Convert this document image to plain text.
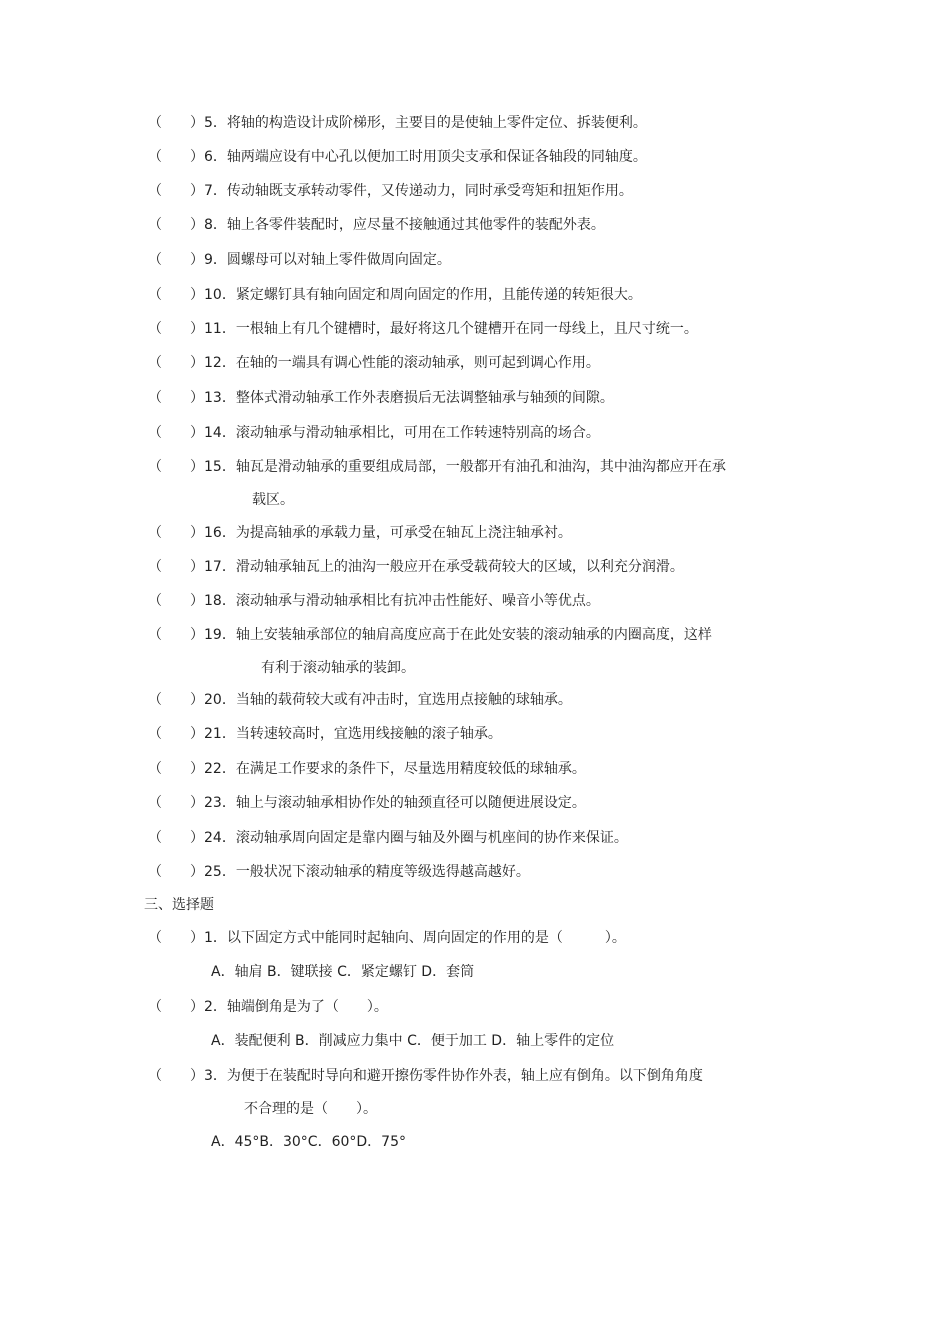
（　　）5．将轴的构造设计成阶梯形，主要目的是使轴上零件定位、拆装便利。
（　　）6．轴两端应设有中心孔以便加工时用顶尖支承和保证各轴段的同轴度。
（　　）7．传动轴既支承转动零件，又传递动力，同时承受弯矩和扭矩作用。
（　　）8．轴上各零件装配时，应尽量不接触通过其他零件的装配外表。
（　　）9．圆螺母可以对轴上零件做周向固定。
（　　）10．紧定螺钉具有轴向固定和周向固定的作用，且能传递的转矩很大。
（　　）11．一根轴上有几个键槽时，最好将这几个键槽开在同一母线上，且尺寸统一。
（　　）12．在轴的一端具有调心性能的滚动轴承，则可起到调心作用。
（　　）13．整体式滑动轴承工作外表磨损后无法调整轴承与轴颈的间隙。
（　　）14．滚动轴承与滑动轴承相比，可用在工作转速特别高的场合。
（　　）15．轴瓦是滑动轴承的重要组成局部，一般都开有油孔和油沟，其中油沟都应开在承
载区。
（　　）16．为提高轴承的承载力量，可承受在轴瓦上浇注轴承衬。
（　　）17．滑动轴承轴瓦上的油沟一般应开在承受载荷较大的区域，以利充分润滑。
（　　）18．滚动轴承与滑动轴承相比有抗冲击性能好、噪音小等优点。
（　　）19．轴上安装轴承部位的轴肩高度应高于在此处安装的滚动轴承的内圈高度，这样
有利于滚动轴承的装卸。
（　　）20．当轴的载荷较大或有冲击时，宜选用点接触的球轴承。
（　　）21．当转速较高时，宜选用线接触的滚子轴承。
（　　）22．在满足工作要求的条件下，尽量选用精度较低的球轴承。
（　　）23．轴上与滚动轴承相协作处的轴颈直径可以随便进展设定。
（　　）24．滚动轴承周向固定是靠内圈与轴及外圈与机座间的协作来保证。
（　　）25．一般状况下滚动轴承的精度等级选得越高越好。
三、选择题
（　　）1．以下固定方式中能同时起轴向、周向固定的作用的是（　　　）。
A．轴肩 B．键联接 C．紧定螺钉 D．套筒
（　　）2．轴端倒角是为了（　　）。
A．装配便利 B．削减应力集中 C．便于加工 D．轴上零件的定位
（　　）3．为便于在装配时导向和避开擦伤零件协作外表，轴上应有倒角。以下倒角角度
不合理的是（　　）。
A．45°B．30°C．60°D．75°
